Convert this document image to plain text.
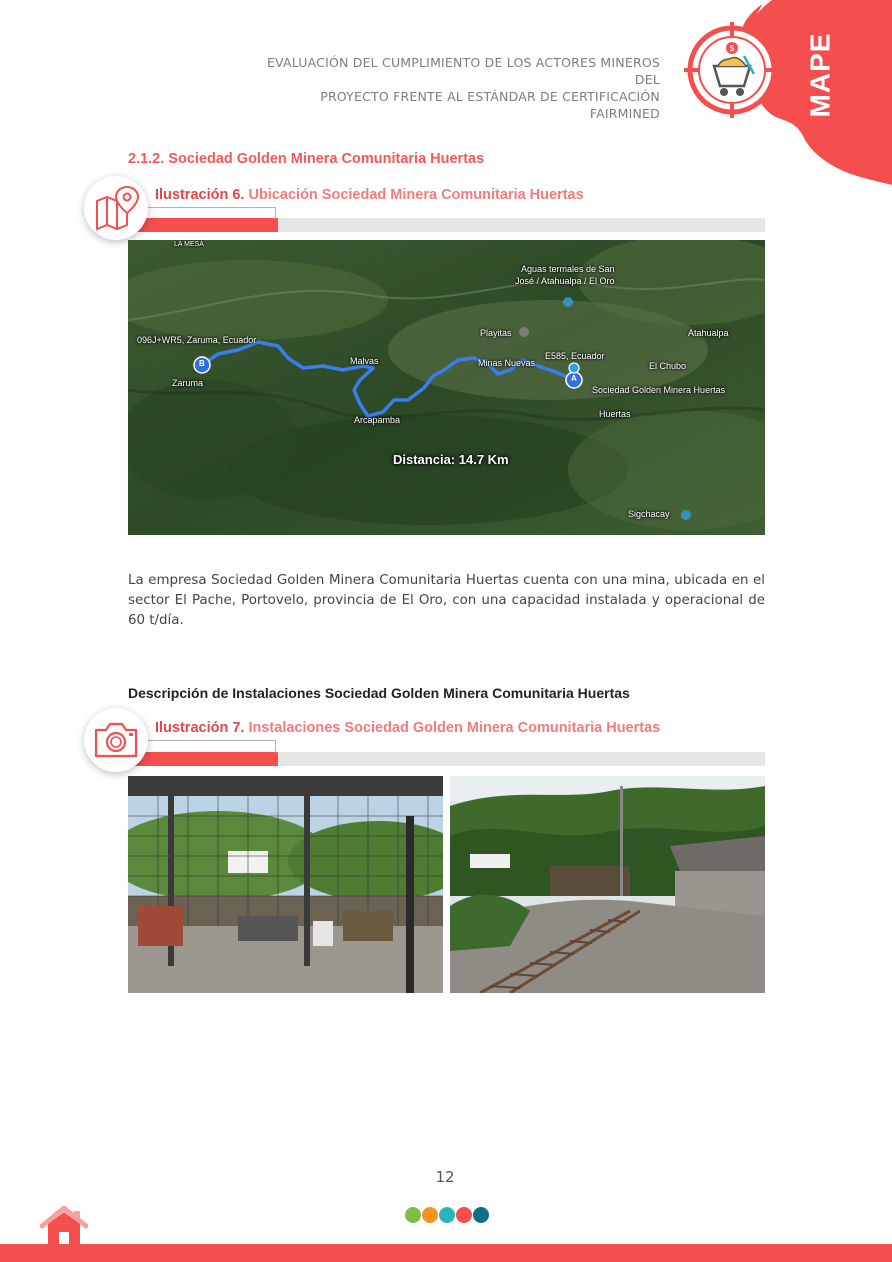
$ MAPE
EVALUACIÓN DEL CUMPLIMIENTO DE LOS ACTORES MINEROS DEL
PROYECTO FRENTE AL ESTÁNDAR DE CERTIFICACIÓN FAIRMINED
2.1.2. Sociedad Golden Minera Comunitaria Huertas
Ilustración 6. Ubicación Sociedad Minera Comunitaria Huertas
LA MESA
Aguas termales de San
José / Atahualpa / El Oro
Playitas	Atahualpa
096J+WR5, Zaruma, Ecuador
Malvas	Minas Nuevas
E585, Ecuador
El Chubo
Sociedad Golden Minera Huertas
Huertas
Zaruma
Arcapamba
Sigchacay
B
A
Distancia: 14.7 Km
La empresa Sociedad Golden Minera Comunitaria Huertas cuenta con una mina, ubicada en el sector El Pache, Portovelo, provincia de El Oro, con una capacidad instalada y operacional de 60 t/día.
Descripción de Instalaciones Sociedad Golden Minera Comunitaria Huertas
Ilustración 7. Instalaciones Sociedad Golden Minera Comunitaria Huertas
12
